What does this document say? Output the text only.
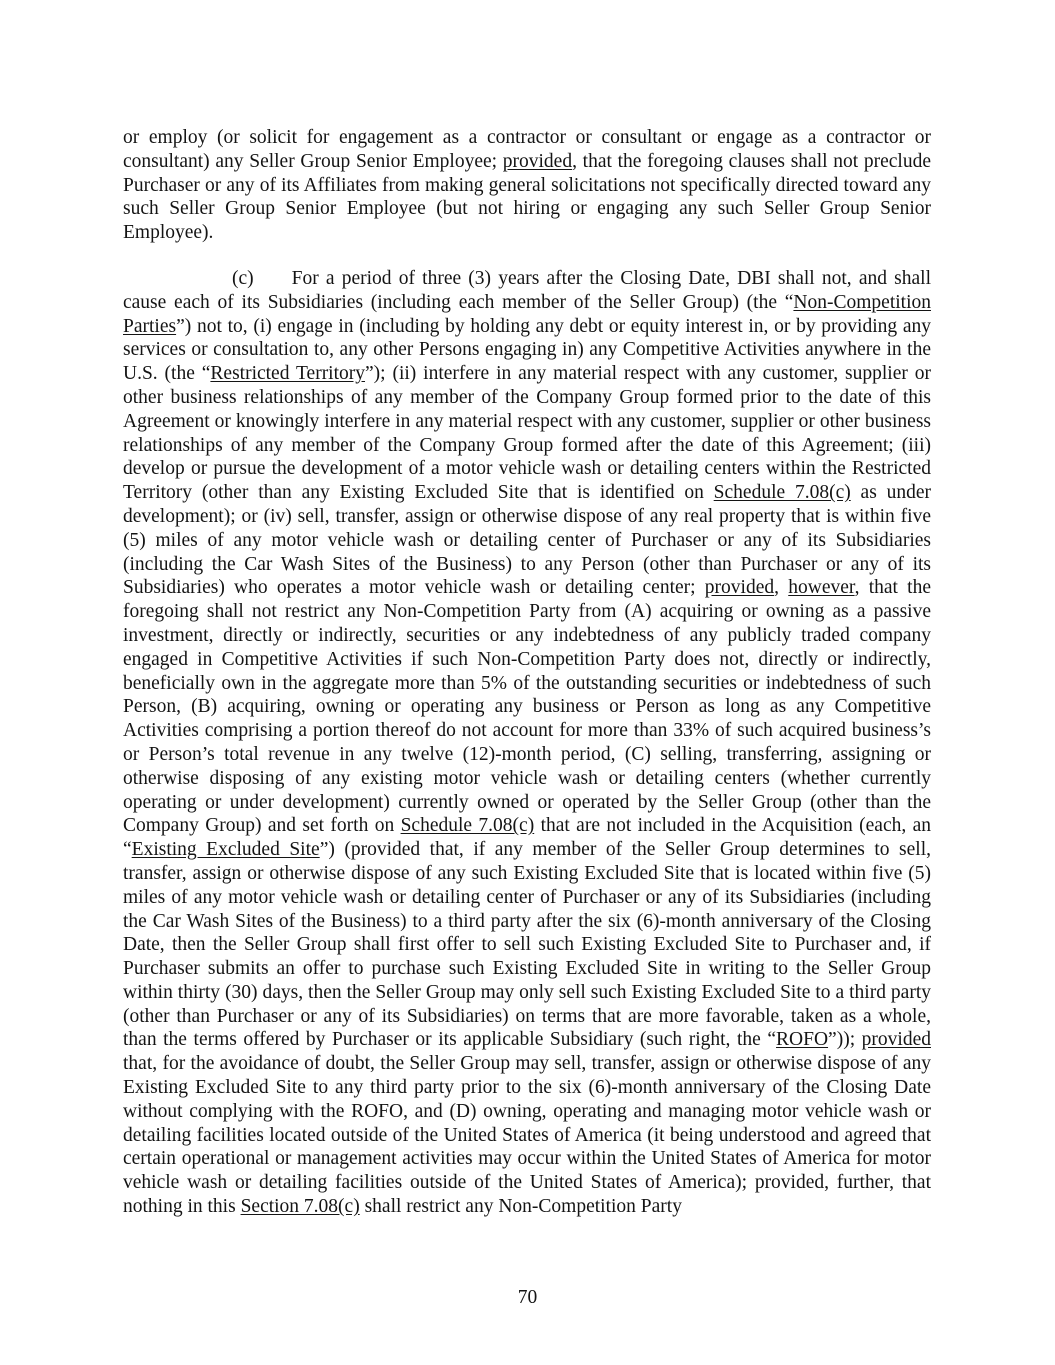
or employ (or solicit for engagement as a contractor or consultant or engage as a contractor or consultant) any Seller Group Senior Employee; provided, that the foregoing clauses shall not preclude Purchaser or any of its Affiliates from making general solicitations not specifically directed toward any such Seller Group Senior Employee (but not hiring or engaging any such Seller Group Senior Employee).

(c) For a period of three (3) years after the Closing Date, DBI shall not, and shall cause each of its Subsidiaries (including each member of the Seller Group) (the “Non-Competition Parties”) not to, (i) engage in (including by holding any debt or equity interest in, or by providing any services or consultation to, any other Persons engaging in) any Competitive Activities anywhere in the U.S. (the “Restricted Territory”); (ii) interfere in any material respect with any customer, supplier or other business relationships of any member of the Company Group formed prior to the date of this Agreement or knowingly interfere in any material respect with any customer, supplier or other business relationships of any member of the Company Group formed after the date of this Agreement; (iii) develop or pursue the development of a motor vehicle wash or detailing centers within the Restricted Territory (other than any Existing Excluded Site that is identified on Schedule 7.08(c) as under development); or (iv) sell, transfer, assign or otherwise dispose of any real property that is within five (5) miles of any motor vehicle wash or detailing center of Purchaser or any of its Subsidiaries (including the Car Wash Sites of the Business) to any Person (other than Purchaser or any of its Subsidiaries) who operates a motor vehicle wash or detailing center; provided, however, that the foregoing shall not restrict any Non-Competition Party from (A) acquiring or owning as a passive investment, directly or indirectly, securities or any indebtedness of any publicly traded company engaged in Competitive Activities if such Non-Competition Party does not, directly or indirectly, beneficially own in the aggregate more than 5% of the outstanding securities or indebtedness of such Person, (B) acquiring, owning or operating any business or Person as long as any Competitive Activities comprising a portion thereof do not account for more than 33% of such acquired business’s or Person’s total revenue in any twelve (12)-month period, (C) selling, transferring, assigning or otherwise disposing of any existing motor vehicle wash or detailing centers (whether currently operating or under development) currently owned or operated by the Seller Group (other than the Company Group) and set forth on Schedule 7.08(c) that are not included in the Acquisition (each, an “Existing Excluded Site”) (provided that, if any member of the Seller Group determines to sell, transfer, assign or otherwise dispose of any such Existing Excluded Site that is located within five (5) miles of any motor vehicle wash or detailing center of Purchaser or any of its Subsidiaries (including the Car Wash Sites of the Business) to a third party after the six (6)-month anniversary of the Closing Date, then the Seller Group shall first offer to sell such Existing Excluded Site to Purchaser and, if Purchaser submits an offer to purchase such Existing Excluded Site in writing to the Seller Group within thirty (30) days, then the Seller Group may only sell such Existing Excluded Site to a third party (other than Purchaser or any of its Subsidiaries) on terms that are more favorable, taken as a whole, than the terms offered by Purchaser or its applicable Subsidiary (such right, the “ROFO”)); provided that, for the avoidance of doubt, the Seller Group may sell, transfer, assign or otherwise dispose of any Existing Excluded Site to any third party prior to the six (6)-month anniversary of the Closing Date without complying with the ROFO, and (D) owning, operating and managing motor vehicle wash or detailing facilities located outside of the United States of America (it being understood and agreed that certain operational or management activities may occur within the United States of America for motor vehicle wash or detailing facilities outside of the United States of America); provided, further, that nothing in this Section 7.08(c) shall restrict any Non-Competition Party

70
